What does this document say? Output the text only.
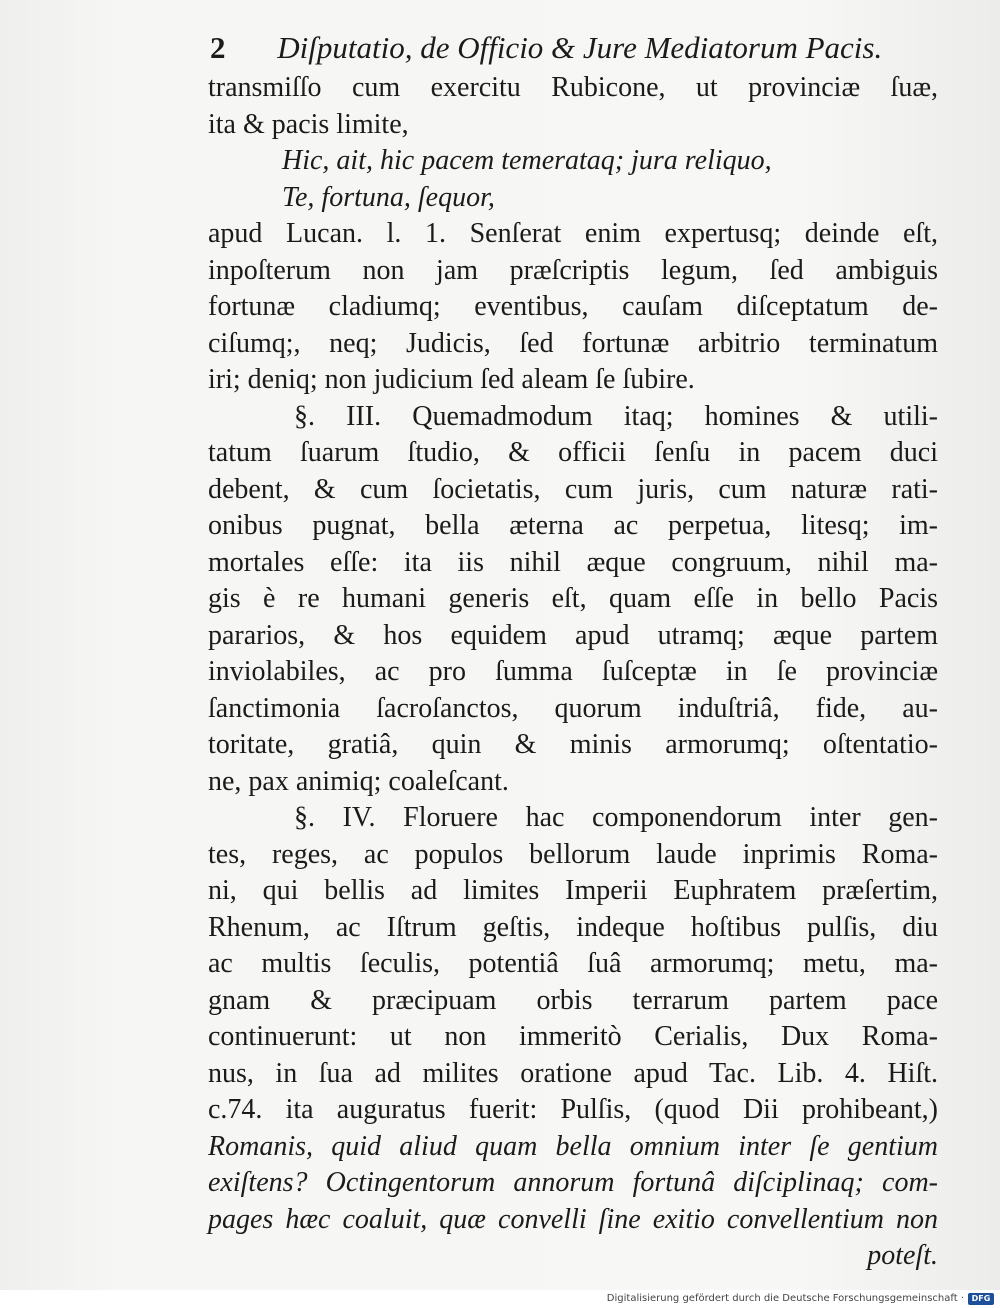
2 Diſputatio, de Officio & Jure Mediatorum Pacis.
transmiſſo cum exercitu Rubicone, ut provinciæ ſuæ,
ita & pacis limite,
Hic, ait, hic pacem temerataq; jura reliquo,
Te, fortuna, ſequor,
apud Lucan. l. 1. Senſerat enim expertusq; deinde eſt,
inpoſterum non jam præſcriptis legum, ſed ambiguis
fortunæ cladiumq; eventibus, cauſam diſceptatum de-
ciſumq;, neq; Judicis, ſed fortunæ arbitrio terminatum
iri; deniq; non judicium ſed aleam ſe ſubire.
§. III. Quemadmodum itaq; homines & utili-
tatum ſuarum ſtudio, & officii ſenſu in pacem duci
debent, & cum ſocietatis, cum juris, cum naturæ rati-
onibus pugnat, bella æterna ac perpetua, litesq; im-
mortales eſſe: ita iis nihil æque congruum, nihil ma-
gis è re humani generis eſt, quam eſſe in bello Pacis
pararios, & hos equidem apud utramq; æque partem
inviolabiles, ac pro ſumma ſuſceptæ in ſe provinciæ
ſanctimonia ſacroſanctos, quorum induſtriâ, fide, au-
toritate, gratiâ, quin & minis armorumq; oſtentatio-
ne, pax animiq; coaleſcant.
§. IV. Floruere hac componendorum inter gen-
tes, reges, ac populos bellorum laude inprimis Roma-
ni, qui bellis ad limites Imperii Euphratem præſertim,
Rhenum, ac Iſtrum geſtis, indeque hoſtibus pulſis, diu
ac multis ſeculis, potentiâ ſuâ armorumq; metu, ma-
gnam & præcipuam orbis terrarum partem pace
continuerunt: ut non immeritò Cerialis, Dux Roma-
nus, in ſua ad milites oratione apud Tac. Lib. 4. Hiſt.
c.74. ita auguratus fuerit: Pulſis, (quod Dii prohibeant,)
Romanis, quid aliud quam bella omnium inter ſe gentium
exiſtens? Octingentorum annorum fortunâ diſciplinaq; com-
pages hæc coaluit, quæ convelli ſine exitio convellentium non
poteſt.
Digitalisierung gefördert durch die Deutsche Forschungsgemeinschaft · DFG
